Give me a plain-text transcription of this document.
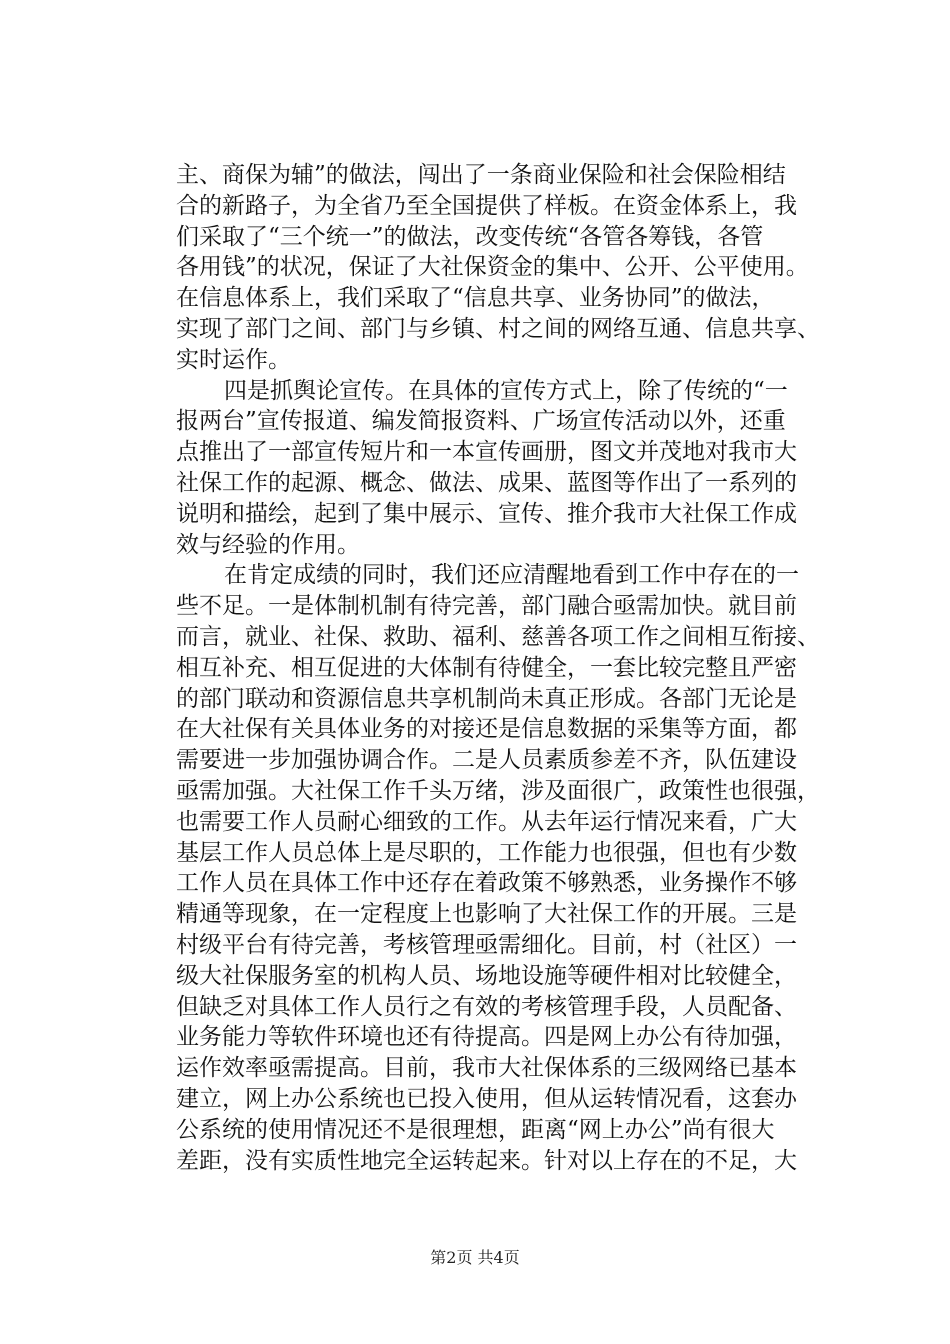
主、商保为辅”的做法，闯出了一条商业保险和社会保险相结
合的新路子，为全省乃至全国提供了样板。在资金体系上，我
们采取了“三个统一”的做法，改变传统“各管各筹钱，各管
各用钱”的状况，保证了大社保资金的集中、公开、公平使用。
在信息体系上，我们采取了“信息共享、业务协同”的做法，
实现了部门之间、部门与乡镇、村之间的网络互通、信息共享、
实时运作。
四是抓舆论宣传。在具体的宣传方式上，除了传统的“一
报两台”宣传报道、编发简报资料、广场宣传活动以外，还重
点推出了一部宣传短片和一本宣传画册，图文并茂地对我市大
社保工作的起源、概念、做法、成果、蓝图等作出了一系列的
说明和描绘，起到了集中展示、宣传、推介我市大社保工作成
效与经验的作用。
在肯定成绩的同时，我们还应清醒地看到工作中存在的一
些不足。一是体制机制有待完善，部门融合亟需加快。就目前
而言，就业、社保、救助、福利、慈善各项工作之间相互衔接、
相互补充、相互促进的大体制有待健全，一套比较完整且严密
的部门联动和资源信息共享机制尚未真正形成。各部门无论是
在大社保有关具体业务的对接还是信息数据的采集等方面，都
需要进一步加强协调合作。二是人员素质参差不齐，队伍建设
亟需加强。大社保工作千头万绪，涉及面很广，政策性也很强，
也需要工作人员耐心细致的工作。从去年运行情况来看，广大
基层工作人员总体上是尽职的，工作能力也很强，但也有少数
工作人员在具体工作中还存在着政策不够熟悉，业务操作不够
精通等现象，在一定程度上也影响了大社保工作的开展。三是
村级平台有待完善，考核管理亟需细化。目前，村（社区）一
级大社保服务室的机构人员、场地设施等硬件相对比较健全，
但缺乏对具体工作人员行之有效的考核管理手段，人员配备、
业务能力等软件环境也还有待提高。四是网上办公有待加强，
运作效率亟需提高。目前，我市大社保体系的三级网络已基本
建立，网上办公系统也已投入使用，但从运转情况看，这套办
公系统的使用情况还不是很理想，距离“网上办公”尚有很大
差距，没有实质性地完全运转起来。针对以上存在的不足，大
第2页 共4页
